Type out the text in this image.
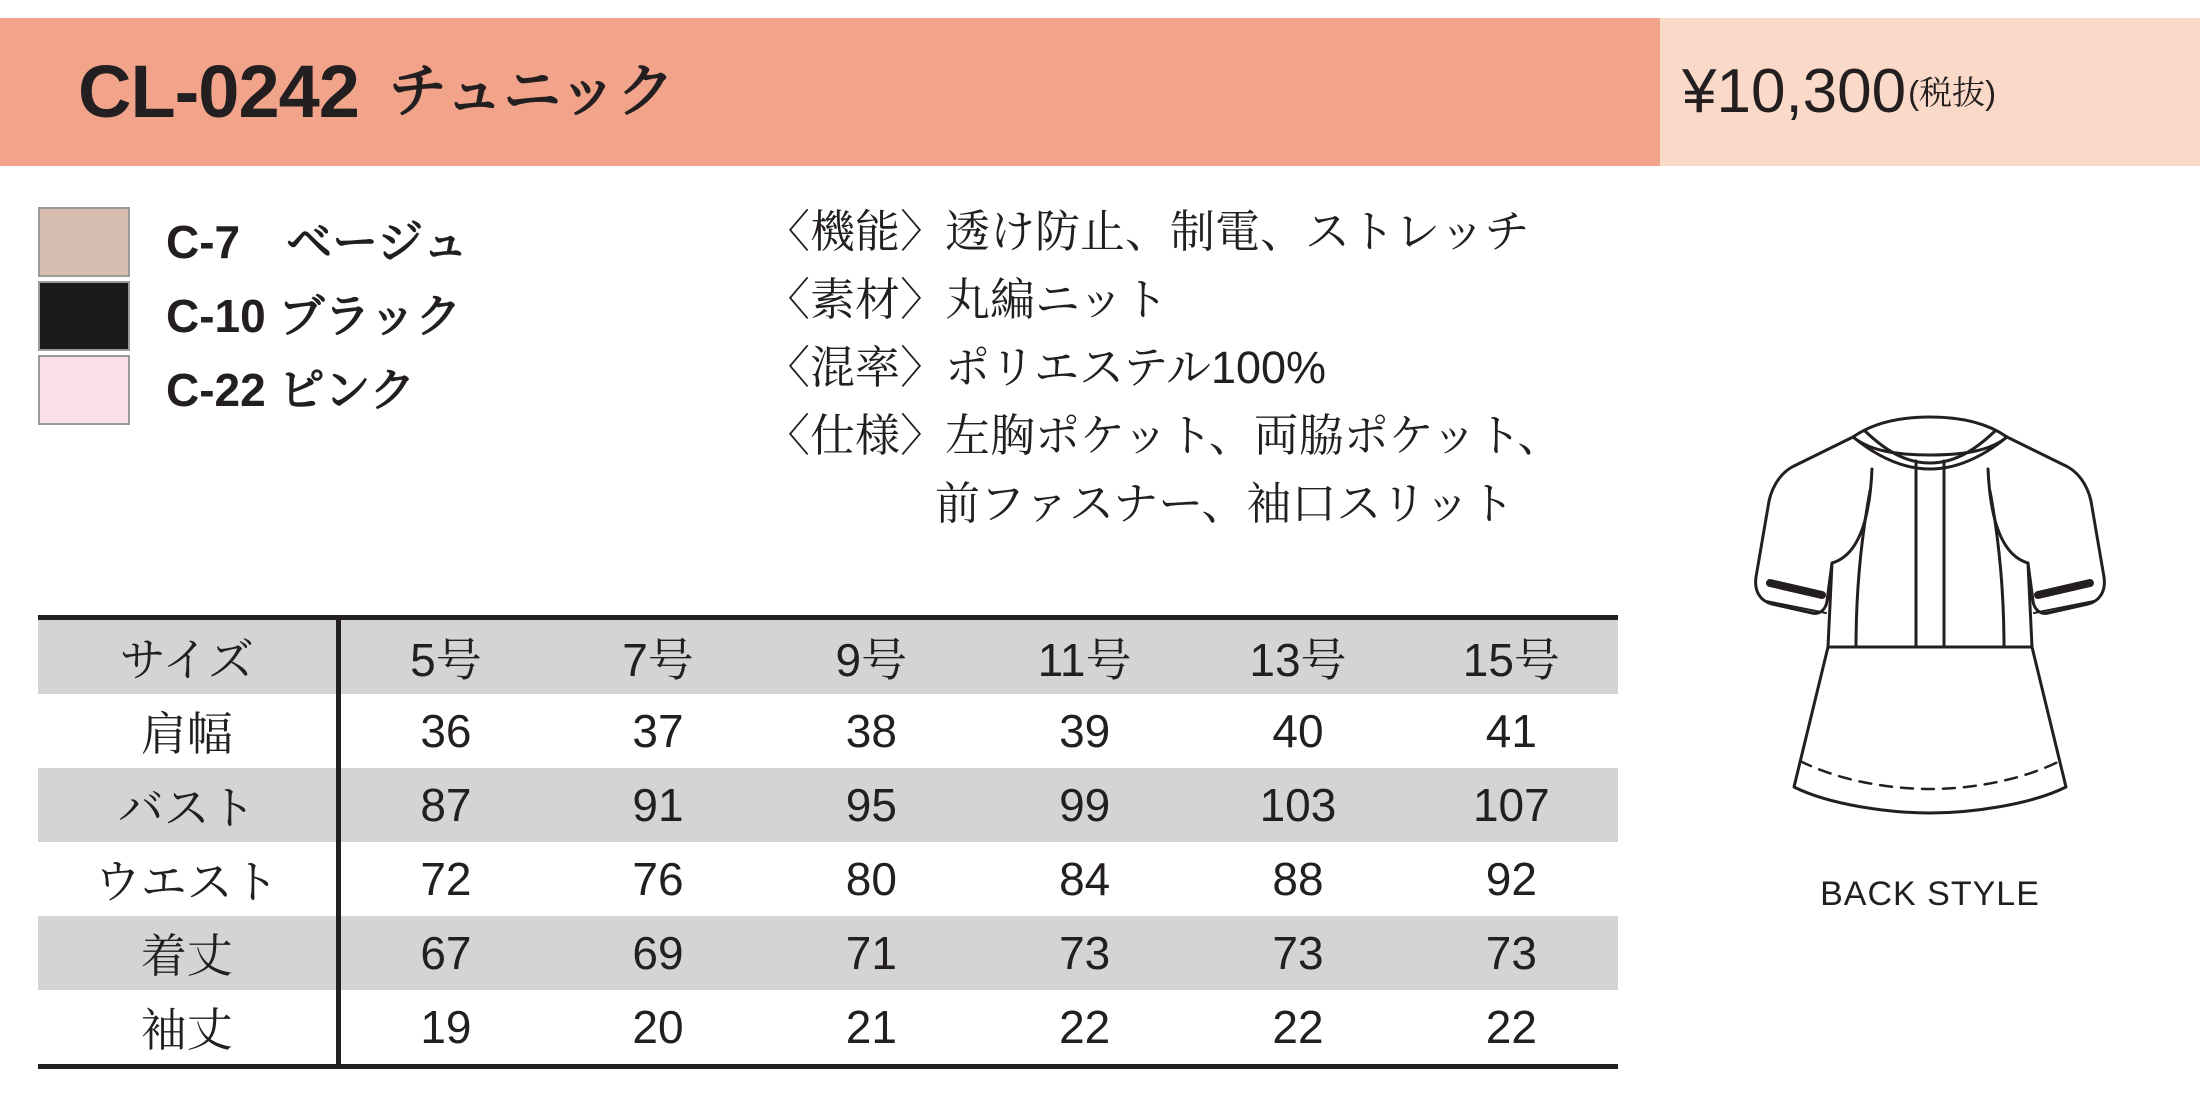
CL-0242 チュニック	¥10,300 (税抜)
C-7　ベージュ
C-10 ブラック
C-22 ピンク
〈機能〉透け防止、制電、ストレッチ
〈素材〉丸編ニット
〈混率〉ポリエステル100%
〈仕様〉左胸ポケット、両脇ポケット、
前ファスナー、袖口スリット
サイズ	5号	7号	9号	11号	13号	15号
肩幅	36	37	38	39	40	41
バスト	87	91	95	99	103	107
ウエスト	72	76	80	84	88	92
着丈	67	69	71	73	73	73
袖丈	19	20	21	22	22	22
BACK STYLE
